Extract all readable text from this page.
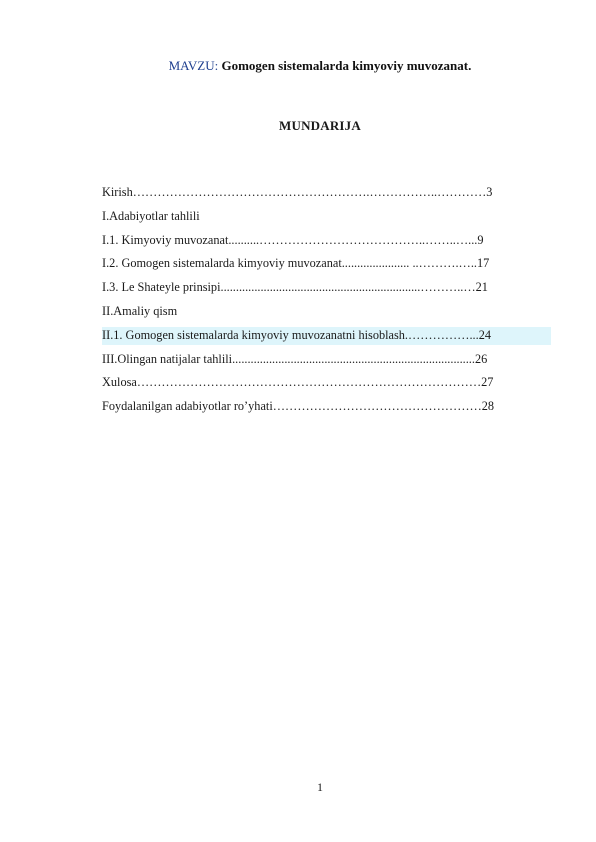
MAVZU: Gomogen sistemalarda kimyoviy muvozanat.
MUNDARIJA
Kirish………………………………………………….……………..…………3
I.Adabiyotlar tahlili
I.1. Kimyoviy muvozanat..........…………………………………..……..…...9
I.2. Gomogen sistemalarda kimyoviy muvozanat...................... ..……….…..17
I.3. Le Shateyle prinsipi.................................................................………..…21
II.Amaliy qism
II.1. Gomogen sistemalarda kimyoviy muvozanatni hisoblash.……………...24
III.Olingan natijalar tahlili...............................................................................26
Xulosa…………………………………………………………………………27
Foydalanilgan adabiyotlar ro’yhati……………………………………………28
1
